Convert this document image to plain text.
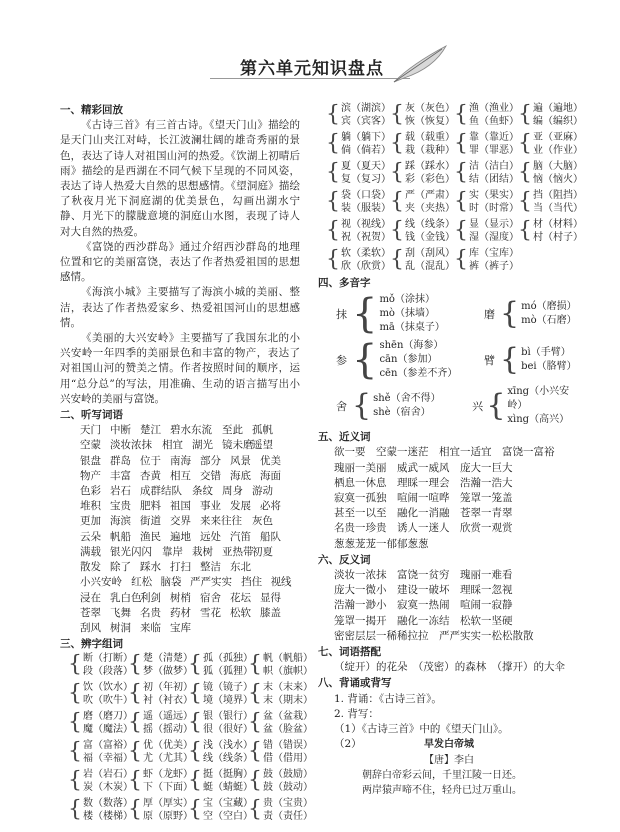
第六单元知识盘点
一、精彩回放
《古诗三首》有三首古诗。《望天门山》描绘的是天门山夹江对峙，长江波澜壮阔的雄奇秀丽的景色，表达了诗人对祖国山河的热爱。《饮湖上初晴后雨》描绘的是西湖在不同气候下呈现的不同风姿，表达了诗人热爱大自然的思想感情。《望洞庭》描绘了秋夜月光下洞庭湖的优美景色，勾画出湖水宁静、月光下的朦胧意境的洞庭山水图，表现了诗人对大自然的热爱。
《富饶的西沙群岛》通过介绍西沙群岛的地理位置和它的美丽富饶，表达了作者热爱祖国的思想感情。
《海滨小城》主要描写了海滨小城的美丽、整洁，表达了作者热爱家乡、热爱祖国河山的思想感情。
《美丽的大兴安岭》主要描写了我国东北的小兴安岭一年四季的美丽景色和丰富的物产，表达了对祖国山河的赞美之情。作者按照时间的顺序，运用“总分总”的写法，用准确、生动的语言描写出小兴安岭的美丽与富饶。
二、听写词语
天门 中断 楚江 碧水东流 至此 孤帆
空蒙 淡妆浓抹 相宜 湖光 镜未磨
遥望
银盘 群岛 位于 南海 部分 风景 优美
物产 丰富 杏黄 相互 交错 海底 海面
色彩 岩石 成群结队 条纹 周身 游动
堆积 宝贵 肥料 祖国 事业 发展 必将
更加 海滨 街道 交界 来来往往 灰色
云朵 帆船 渔民 遍地 远处 汽笛 船队
满载 银光闪闪 靠岸 栽树 亚热带
初夏
散发 除了 踩水 打扫 整洁 东北
小兴安岭 红松 脑袋 严严实实 挡住 视线
浸在 乳白色
利剑 树梢 宿舍 花坛 显得
苍翠 飞舞 名贵 药材 雪花 松软 膝盖
刮风 树洞 来临 宝库
三、辨字组词
{ 断（打断）
段（段落）
{ 楚（清楚）
梦（做梦）
{ 孤（孤独）
狐（狐狸）
{ 帆（帆船）
帜（旗帜）
{ 饮（饮水）
吹（吹牛）
{ 初（年初）
衬（衬衣）
{ 镜（镜子）
境（境界）
{ 末（末来）
末（期末）
{ 磨（磨刀）
魔（魔法）
{ 遥（遥远）
摇（摇动）
{ 银（银行）
很（很好）
{ 盆（盆栽）
盆（脸盆）
{ 富（富裕）
福（幸福）
{ 优（优美）
尤（尤其）
{ 浅（浅水）
线（线条）
{ 错（错误）
借（借用）
{ 岩（岩石）
炭（木炭）
{ 虾（龙虾）
下（下面）
{ 挺（挺胸）
蜓（蜻蜓）
{ 鼓（鼓励）
鼓（鼓动）
{ 数（数落）
楼（楼梯）
{ 厚（厚实）
原（原野）
{ 宝（宝藏）
空（空白）
{ 贵（宝贵）
责（责任）
{ 滨（湖滨）
宾（宾客） { 灰（灰色）
恢（恢复） { 渔（渔业）
鱼（鱼虾） { 遍（遍地）
编（编织）
{ 躺（躺下）
倘（倘若） { 载（载重）
栽（栽种） { 靠（靠近）
罪（罪恶） { 亚（亚麻）
业（作业）
{ 夏（夏天）
复（复习） { 踩（踩水）
彩（彩色） { 洁（洁白）
结（团结） { 脑（大脑）
恼（恼火）
{ 袋（口袋）
装（服装） { 严（严肃）
夹（夹热） { 实（果实）
时（时常） { 挡（阻挡）
当（当代）
{ 视（视线）
祝（祝贺） { 线（线条）
钱（金钱） { 显（显示）
湿（湿度） { 材（材料）
村（村子）
{ 软（柔软）
欣（欣赏） { 刮（刮风）
乱（混乱） { 库（宝库）
裤（裤子）
四、多音字
抹 { mǒ（涂抹）
mò（抹墙）
mā（抹桌子）
磨 { mó（磨损）
mò（石磨）
参 { shēn（海参）
cān（参加）
cēn（参差不齐）
臂 { bì（手臂）
bei（胳臂）
舍 { shě（舍不得）
shè（宿舍）
兴 { xīng（小兴安岭）
xìng（高兴）
五、近义词
欲一要　空蒙一迷茫　相宜一适宜　富饶一富裕
瑰丽一美丽　威武一威风　庞大一巨大
栖息一休息　理睬一理会　浩瀚一浩大
寂寞一孤独　喧闹一喧哗　笼罩一笼盖
甚至一以至　融化一消融　苍翠一青翠
名贵一珍贵　诱人一迷人　欣赏一观赏
葱葱茏茏一郁郁葱葱
六、反义词
淡妆一浓抹　富饶一贫穷　瑰丽一难看
庞大一微小　建设一破坏　理睬一忽视
浩瀚一渺小　寂寞一热闹　喧闹一寂静
笼罩一揭开　融化一冻结　松软一坚硬
密密层层一稀稀拉拉　严严实实一松松散散
七、词语搭配
（绽开）的花朵　（茂密）的森林　（撑开）的大伞
八、背诵或背写
1. 背诵：《古诗三首》。
2. 背写：
（1）《古诗三首》中的《望天门山》。
（2）	早发白帝城
【唐】李白
朝辞白帝彩云间，千里江陵一日还。
两岸猿声啼不住，轻舟已过万重山。
